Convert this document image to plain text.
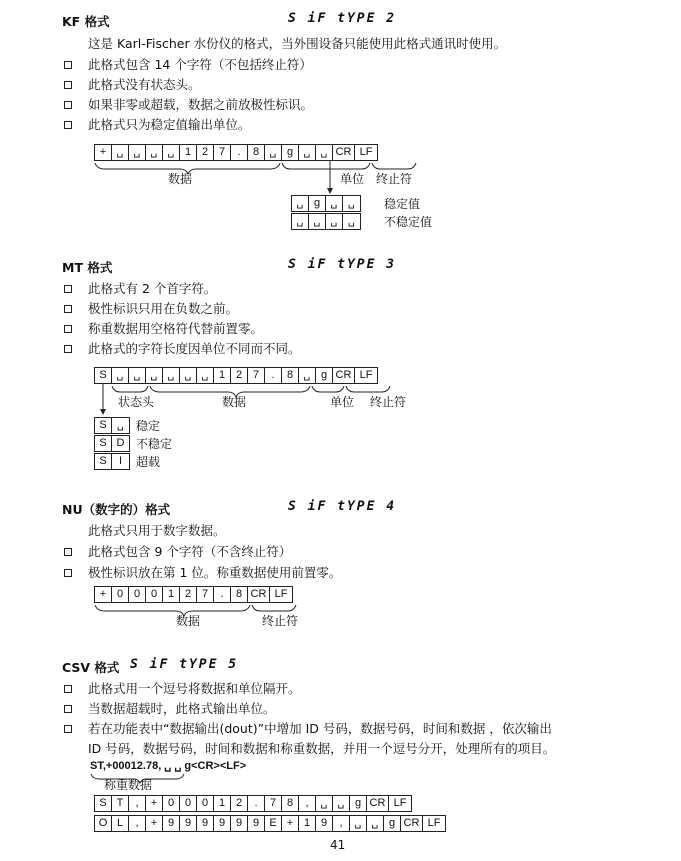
KF 格式	S iF tYPE 2
这是 Karl-Fischer 水份仪的格式，当外围设备只能使用此格式通讯时使用。
此格式包含 14 个字符（不包括终止符）
此格式没有状态头。
如果非零或超载，数据之前放极性标识。
此格式只为稳定值输出单位。
+ ␣ ␣ ␣ ␣ 1 2 7	.	8 ␣ g ␣ ␣ CR LF
数据	单位 终止符
␣ g ␣ ␣	稳定值
␣ ␣ ␣ ␣	不稳定值
MT 格式	S iF tYPE 3
此格式有 2 个首字符。
极性标识只用在负数之前。
称重数据用空格符代替前置零。
此格式的字符长度因单位不同而不同。
S ␣ ␣ ␣ ␣ ␣ ␣ 1 2 7	.	8 ␣ g CR LF
状态头	数据	单位 终止符
S ␣	稳定
S D 不稳定
S	I	超载
NU（数字的）格式	S iF tYPE 4
此格式只用于数字数据。
此格式包含 9 个字符（不含终止符）
极性标识放在第 1 位。称重数据使用前置零。
+ 0 0 0 1 2 7	.	8 CR LF
数据	终止符
CSV 格式 S iF tYPE 5
此格式用一个逗号将数据和单位隔开。
当数据超载时，此格式输出单位。
若在功能表中“数据输出(dout)”中增加 ID 号码，数据号码，时间和数据 ，依次输出
ID 号码，数据号码，时间和数据和称重数据，并用一个逗号分开，处理所有的项目。
ST,+00012.78, ␣ ␣ g<CR><LF>
称重数据
S T	,	+ 0 0 0 1 2	.	7 8	,	␣ ␣ g CR LF
O L	,	+ 9 9 9 9 9 9 E + 1 9	,	␣ ␣ g CR LF
41
